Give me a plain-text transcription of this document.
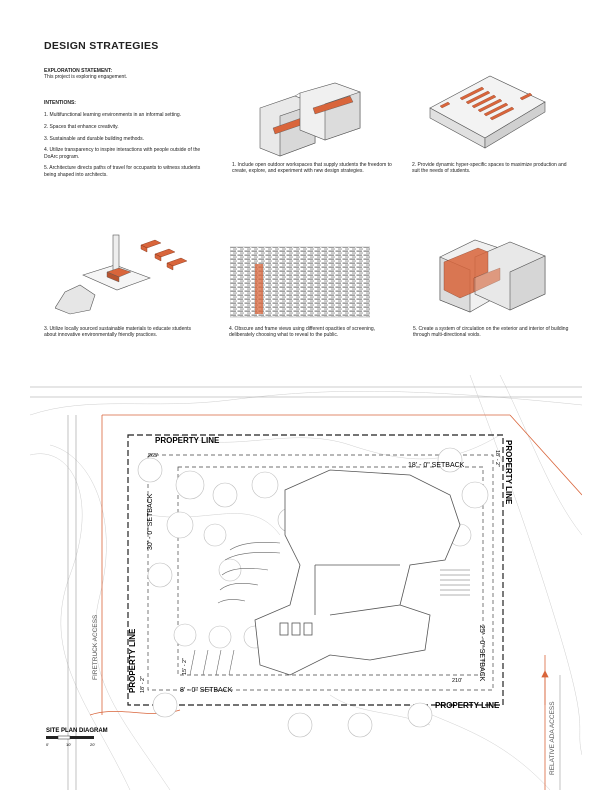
DESIGN STRATEGIES
EXPLORATION STATEMENT:
This project is exploring engagement.
INTENTIONS:

1. Multifunctional learning environments in an informal setting.

2. Spaces that enhance creativity.

3. Sustainable and durable building methods.

4. Utilize transparency to inspire interactions with people outside of the DoArc program.

5. Architecture directs paths of travel for occupants to witness students being shaped into architects.

1. Include open outdoor workspaces that supply students the freedom to create, explore, and experiment with new design strategies.
2. Provide dynamic hyper-specific spaces to maximize production and suit the needs of students.
3. Utilize locally sourced sustainable materials to educate students about innovative environmentally friendly practices.
4. Obscure and frame views using different opacities of screening, deliberately choosing what to reveal to the public.
5. Create a system of circulation on the exterior and interior of building through multi-directional voids.
PROPERTY LINE
PROPERTY LINE
PROPERTY LINE
PROPERTY LINE
18' - 0" SETBACK
30' - 0" SETBACK
8' - 0" SETBACK
25' - 0" SETBACK
18' - 2"
18' - 2"
15' - 2"
265'
210'
FIRETRUCK ACCESS
RELATIVE ADA ACCESS
SITE PLAN DIAGRAM
0'	10'	20'
